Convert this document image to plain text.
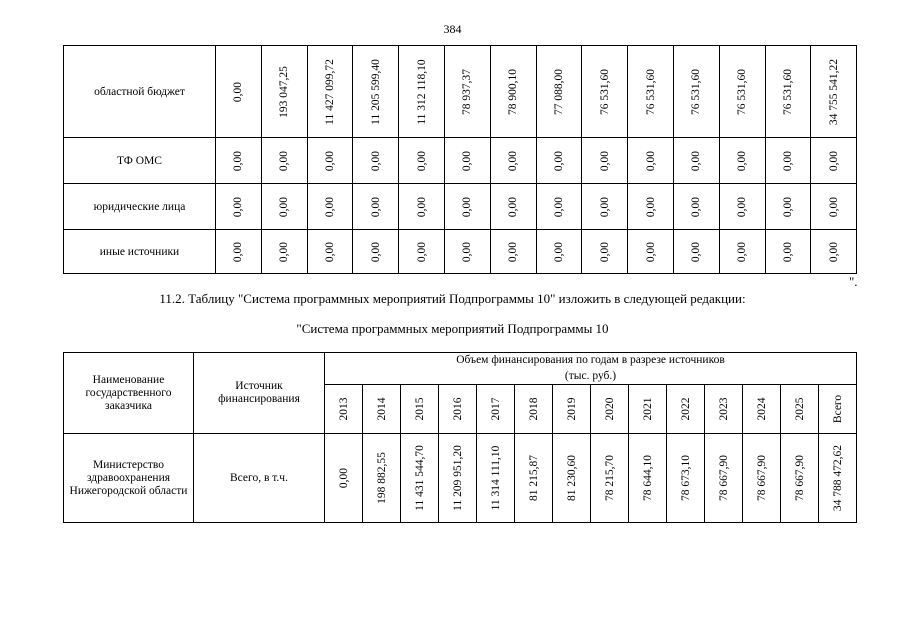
384
областной бюджет	0,00	193 047,25	11 427 099,72	11 205 599,40	11 312 118,10	78 937,37	78 900,10	77 088,00	76 531,60	76 531,60	76 531,60	76 531,60	76 531,60	34 755 541,22

ТФ ОМС	0,00	0,00	0,00	0,00	0,00	0,00	0,00	0,00	0,00	0,00	0,00	0,00	0,00	0,00

юридические лица	0,00	0,00	0,00	0,00	0,00	0,00	0,00	0,00	0,00	0,00	0,00	0,00	0,00	0,00

иные источники	0,00	0,00	0,00	0,00	0,00	0,00	0,00	0,00	0,00	0,00	0,00	0,00	0,00	0,00
".
11.2. Таблицу "Система программных мероприятий Подпрограммы 10" изложить в следующей редакции:
"Система программных мероприятий Подпрограммы 10
Наименование государственного заказчика	Источник финансирования	Объем финансирования по годам в разрезе источников													
		(тыс. руб.)													

		2013	2014	2015	2016	2017	2018	2019	2020	2021	2022	2023	2024	2025	Всего

Министерство здравоохранения Нижегородской области	Всего, в т.ч.	0,00	198 882,55	11 431 544,70	11 209 951,20	11 314 111,10	81 215,87	81 230,60	78 215,70	78 644,10	78 673,10	78 667,90	78 667,90	78 667,90	34 788 472,62
